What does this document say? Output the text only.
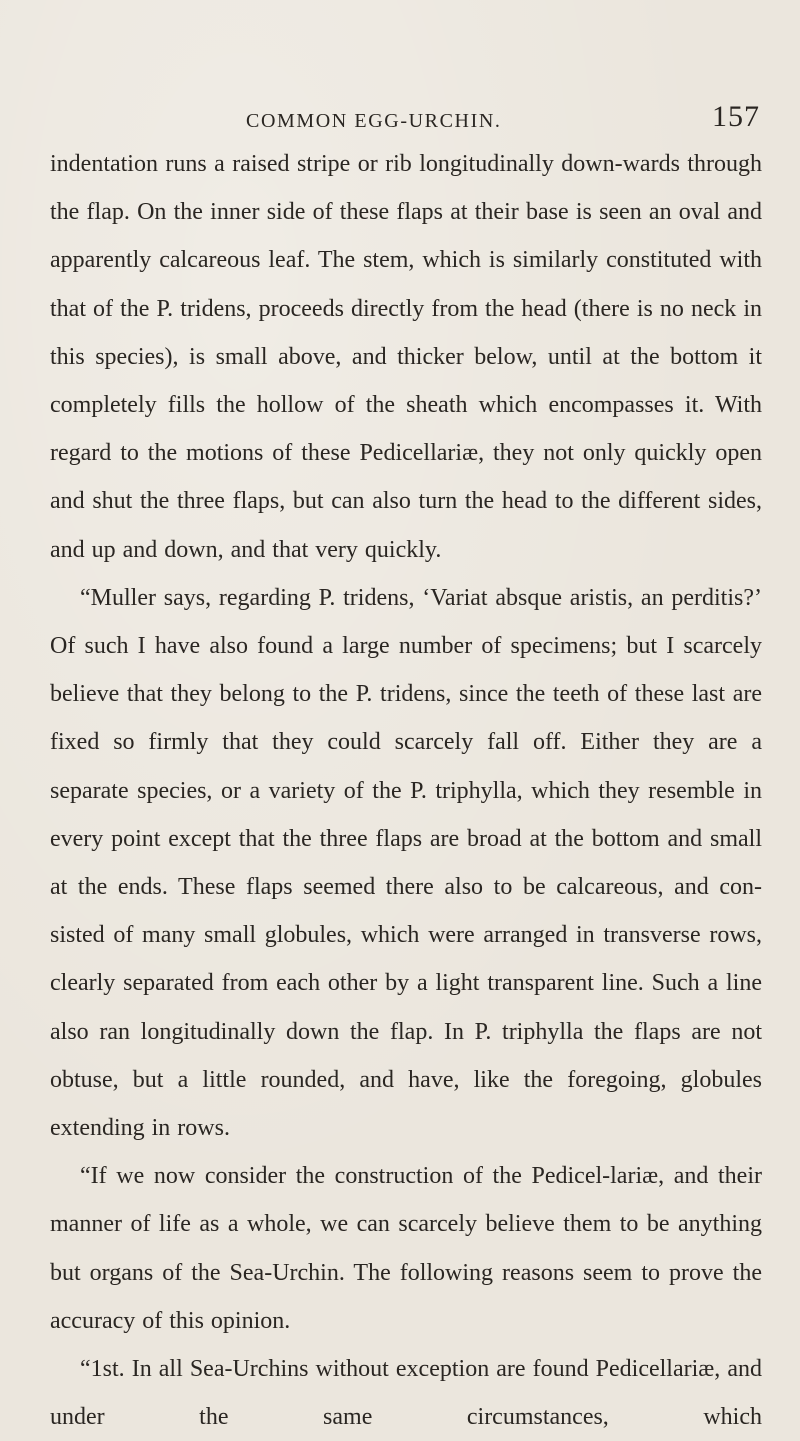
COMMON EGG-URCHIN.	157

indentation runs a raised stripe or rib longitudinally down-wards through the flap. On the inner side of these flaps at their base is seen an oval and apparently calcareous leaf. The stem, which is similarly constituted with that of the P. tridens, proceeds directly from the head (there is no neck in this species), is small above, and thicker below, until at the bottom it completely fills the hollow of the sheath which encompasses it. With regard to the motions of these Pedicellariæ, they not only quickly open and shut the three flaps, but can also turn the head to the different sides, and up and down, and that very quickly.

“Muller says, regarding P. tridens, ‘Variat absque aristis, an perditis?’ Of such I have also found a large number of specimens; but I scarcely believe that they belong to the P. tridens, since the teeth of these last are fixed so firmly that they could scarcely fall off. Either they are a separate species, or a variety of the P. triphylla, which they resemble in every point except that the three flaps are broad at the bottom and small at the ends. These flaps seemed there also to be calcareous, and con-sisted of many small globules, which were arranged in transverse rows, clearly separated from each other by a light transparent line. Such a line also ran longitudinally down the flap. In P. triphylla the flaps are not obtuse, but a little rounded, and have, like the foregoing, globules extending in rows.

“If we now consider the construction of the Pedicel-lariæ, and their manner of life as a whole, we can scarcely believe them to be anything but organs of the Sea-Urchin. The following reasons seem to prove the accuracy of this opinion.

“1st. In all Sea-Urchins without exception are found Pedicellariæ, and under the same circumstances, which
